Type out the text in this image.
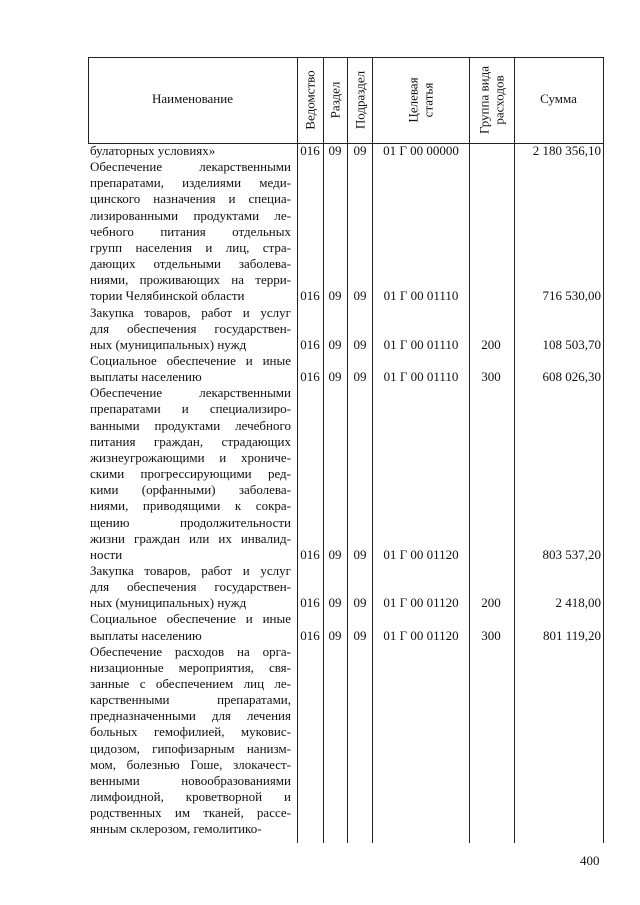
Наименование	Ведомство Раздел Подраздел	Целевая статья	Группа вида расходов	Сумма
булаторных условиях»	016 09 09	01 Г 00 00000	2 180 356,10
Обеспечение лекарственными
препаратами, изделиями меди-
цинского назначения и специа-
лизированными продуктами ле-
чебного питания отдельных
групп населения и лиц, стра-
дающих отдельными заболева-
ниями, проживающих на терри-
тории Челябинской области	016 09 09	01 Г 00 01110	716 530,00
Закупка товаров, работ и услуг
для обеспечения государствен-
ных (муниципальных) нужд	016 09 09	01 Г 00 01110	200	108 503,70
Социальное обеспечение и иные
выплаты населению	016 09 09	01 Г 00 01110	300	608 026,30
Обеспечение лекарственными
препаратами и специализиро-
ванными продуктами лечебного
питания граждан, страдающих
жизнеугрожающими и хрониче-
скими прогрессирующими ред-
кими (орфанными) заболева-
ниями, приводящими к сокра-
щению продолжительности
жизни граждан или их инвалид-
ности	016 09 09	01 Г 00 01120	803 537,20
Закупка товаров, работ и услуг
для обеспечения государствен-
ных (муниципальных) нужд	016 09 09	01 Г 00 01120	200	2 418,00
Социальное обеспечение и иные
выплаты населению	016 09 09	01 Г 00 01120	300	801 119,20
Обеспечение расходов на орга-
низационные мероприятия, свя-
занные с обеспечением лиц ле-
карственными препаратами,
предназначенными для лечения
больных гемофилией, муковис-
цидозом, гипофизарным нанизм-
мом, болезнью Гоше, злокачест-
венными новообразованиями
лимфоидной, кроветворной и
родственных им тканей, рассе-
янным склерозом, гемолитико-
400
